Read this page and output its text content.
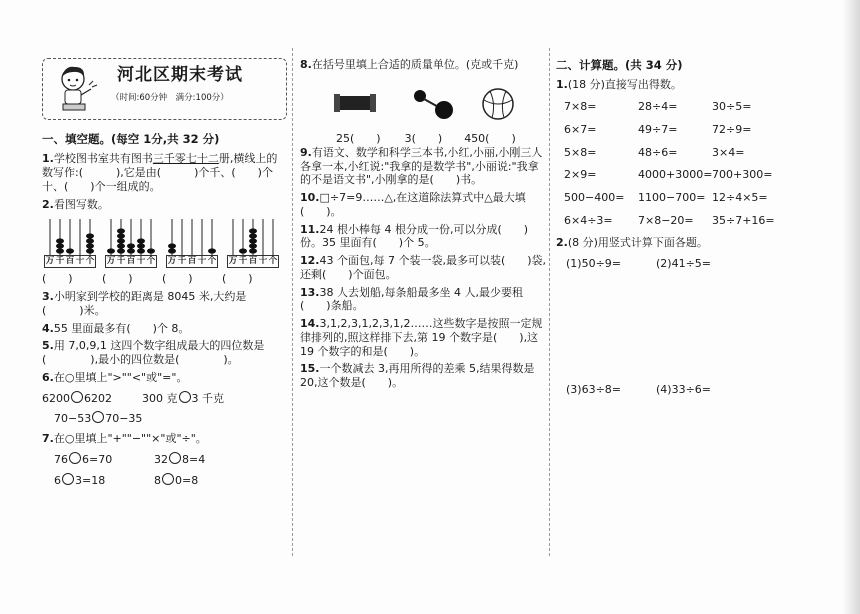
河北区期末考试
（时间:60分钟　满分:100分）
一、填空题。(每空 1分,共 32 分)
1.学校图书室共有图书三千零七十二册,横线上的数写作:(　　　),它是由(　　　)个千、(　　)个十、(　　)个一组成的。
2.看图写数。
万 千 百 十 个 万 千 百 十 个 万 千 百 十 个 万 千 百 十 个
(　　)	(　　)	(　　)	(　　)
3.小明家到学校的距离是 8045 米,大约是(　　　)米。
4.55 里面最多有(　　)个 8。
5.用 7,0,9,1 这四个数字组成最大的四位数是(　　　　),最小的四位数是(　　　　)。
6.在○里填上">""<"或"="。
6200 6202	300 克 3 千克
70−53 70−35
7.在○里填上"+""−""×"或"÷"。
76 6=70	32 8=4
6 3=18	8 0=8
8.在括号里填上合适的质量单位。(克或千克)
25(　　) 3(　　) 450(　　)
9.有语文、数学和科学三本书,小红,小丽,小刚三人各拿一本,小红说:"我拿的是数学书",小丽说:"我拿的不是语文书",小刚拿的是(　　)书。
10.□÷7=9……△,在这道除法算式中△最大填(　　)。
11.24 根小棒每 4 根分成一份,可以分成(　　)份。35 里面有(　　)个 5。
12.43 个面包,每 7 个装一袋,最多可以装(　　)袋,还剩(　　)个面包。
13.38 人去划船,每条船最多坐 4 人,最少要租(　　)条船。
14.3,1,2,3,1,2,3,1,2……这些数字是按照一定规律排列的,照这样排下去,第 19 个数字是(　　),这 19 个数字的和是(　　)。
15.一个数减去 3,再用所得的差乘 5,结果得数是 20,这个数是(　　)。
二、计算题。(共 34 分)
1.(18 分)直接写出得数。
7×8=	28÷4=	30÷5=
6×7=	49÷7=	72÷9=
5×8=	48÷6=	3×4=
2×9=	4000+3000= 700+300=
500−400=	1100−700= 12÷4×5=
6×4÷3=	7×8−20=	35÷7+16=
2.(8 分)用竖式计算下面各题。
(1)50÷9=	(2)41÷5=
(3)63÷8=	(4)33÷6=
